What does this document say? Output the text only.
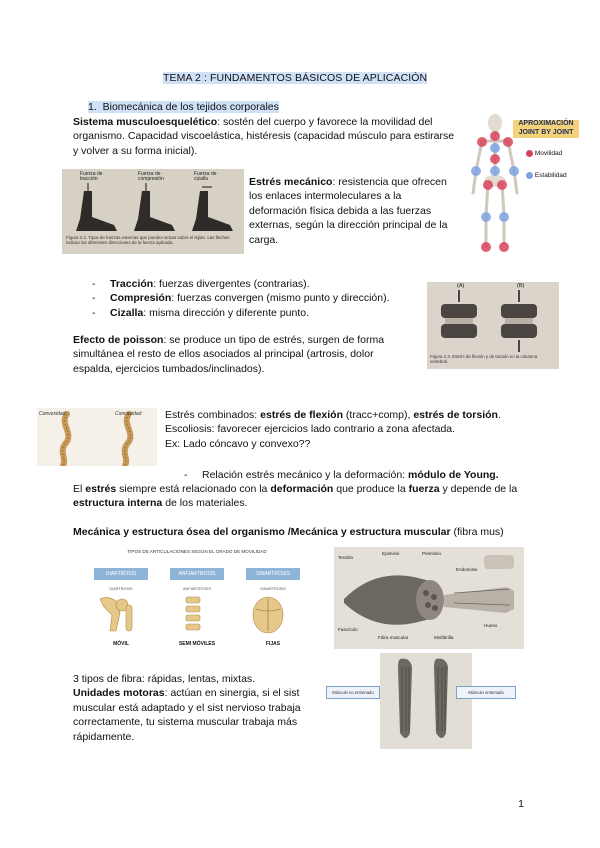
TEMA 2 : FUNDAMENTOS BÁSICOS DE APLICACIÓN
1. Biomecánica de los tejidos corporales
Sistema musculoesquelético: sostén del cuerpo y favorece la movilidad del organismo. Capacidad viscoelástica, histéresis (capacidad músculo para estirarse y volver a su forma inicial).
APROXIMACIÓN
JOINT BY JOINT
Movilidad
Estabilidad
Fuerza de tracción
Fuerza de compresión
Fuerza de cizalla
Figura 2.2. Tipos de fuerzas externas que pueden actuar sobre el tejido. Las flechas indican las diferentes direcciones de la fuerza aplicada.
Estrés mecánico: resistencia que ofrecen los enlaces intermoleculares a la deformación física debida a las fuerzas externas, según la dirección principal de la carga.
- Tracción: fuerzas divergentes (contrarias).
- Compresión: fuerzas convergen (mismo punto y dirección).
- Cizalla: misma dirección y diferente punto.
(A)	(B)
Figura 2.3. Estrés de flexión y de torsión en la columna vertebral.
Efecto de poisson: se produce un tipo de estrés, surgen de forma simultánea el resto de ellos asociados al principal (artrosis, dolor espalda, ejercicios tumbados/inclinados).
Convexidad	Concavidad Estrés combinados: estrés de flexión (tracc+comp), estrés de torsión.
Escoliosis: favorecer ejercicios lado contrario a zona afectada.
Ex: Lado cóncavo y convexo??
- Relación estrés mecánico y la deformación: módulo de Young.
El estrés siempre está relacionado con la deformación que produce la fuerza y depende de la estructura interna de los materiales.
Mecánica y estructura ósea del organismo /Mecánica y estructura muscular (fibra mus)
TIPOS DE ARTICULACIONES SEGÚN EL GRADO DE MOVILIDAD
DIARTROSIS	ANFIARTROSIS	SINARTROSIS
DIARTROSIS	ANFIARTROSIS	SINARTROSIS
MÓVIL	SEMI MÓVILES	FIJAS
Tendón
Epimisio	Perimisio
Endomisio
Fascículo
Fibra muscular	Miofibrilla
Hueso
3 tipos de fibra: rápidas, lentas, mixtas.
Unidades motoras: actúan en sinergia, si el sist muscular está adaptado y el sist nervioso trabaja correctamente, tu sistema muscular trabaja más rápidamente.
Músculo no entrenado	Músculo entrenado
1
